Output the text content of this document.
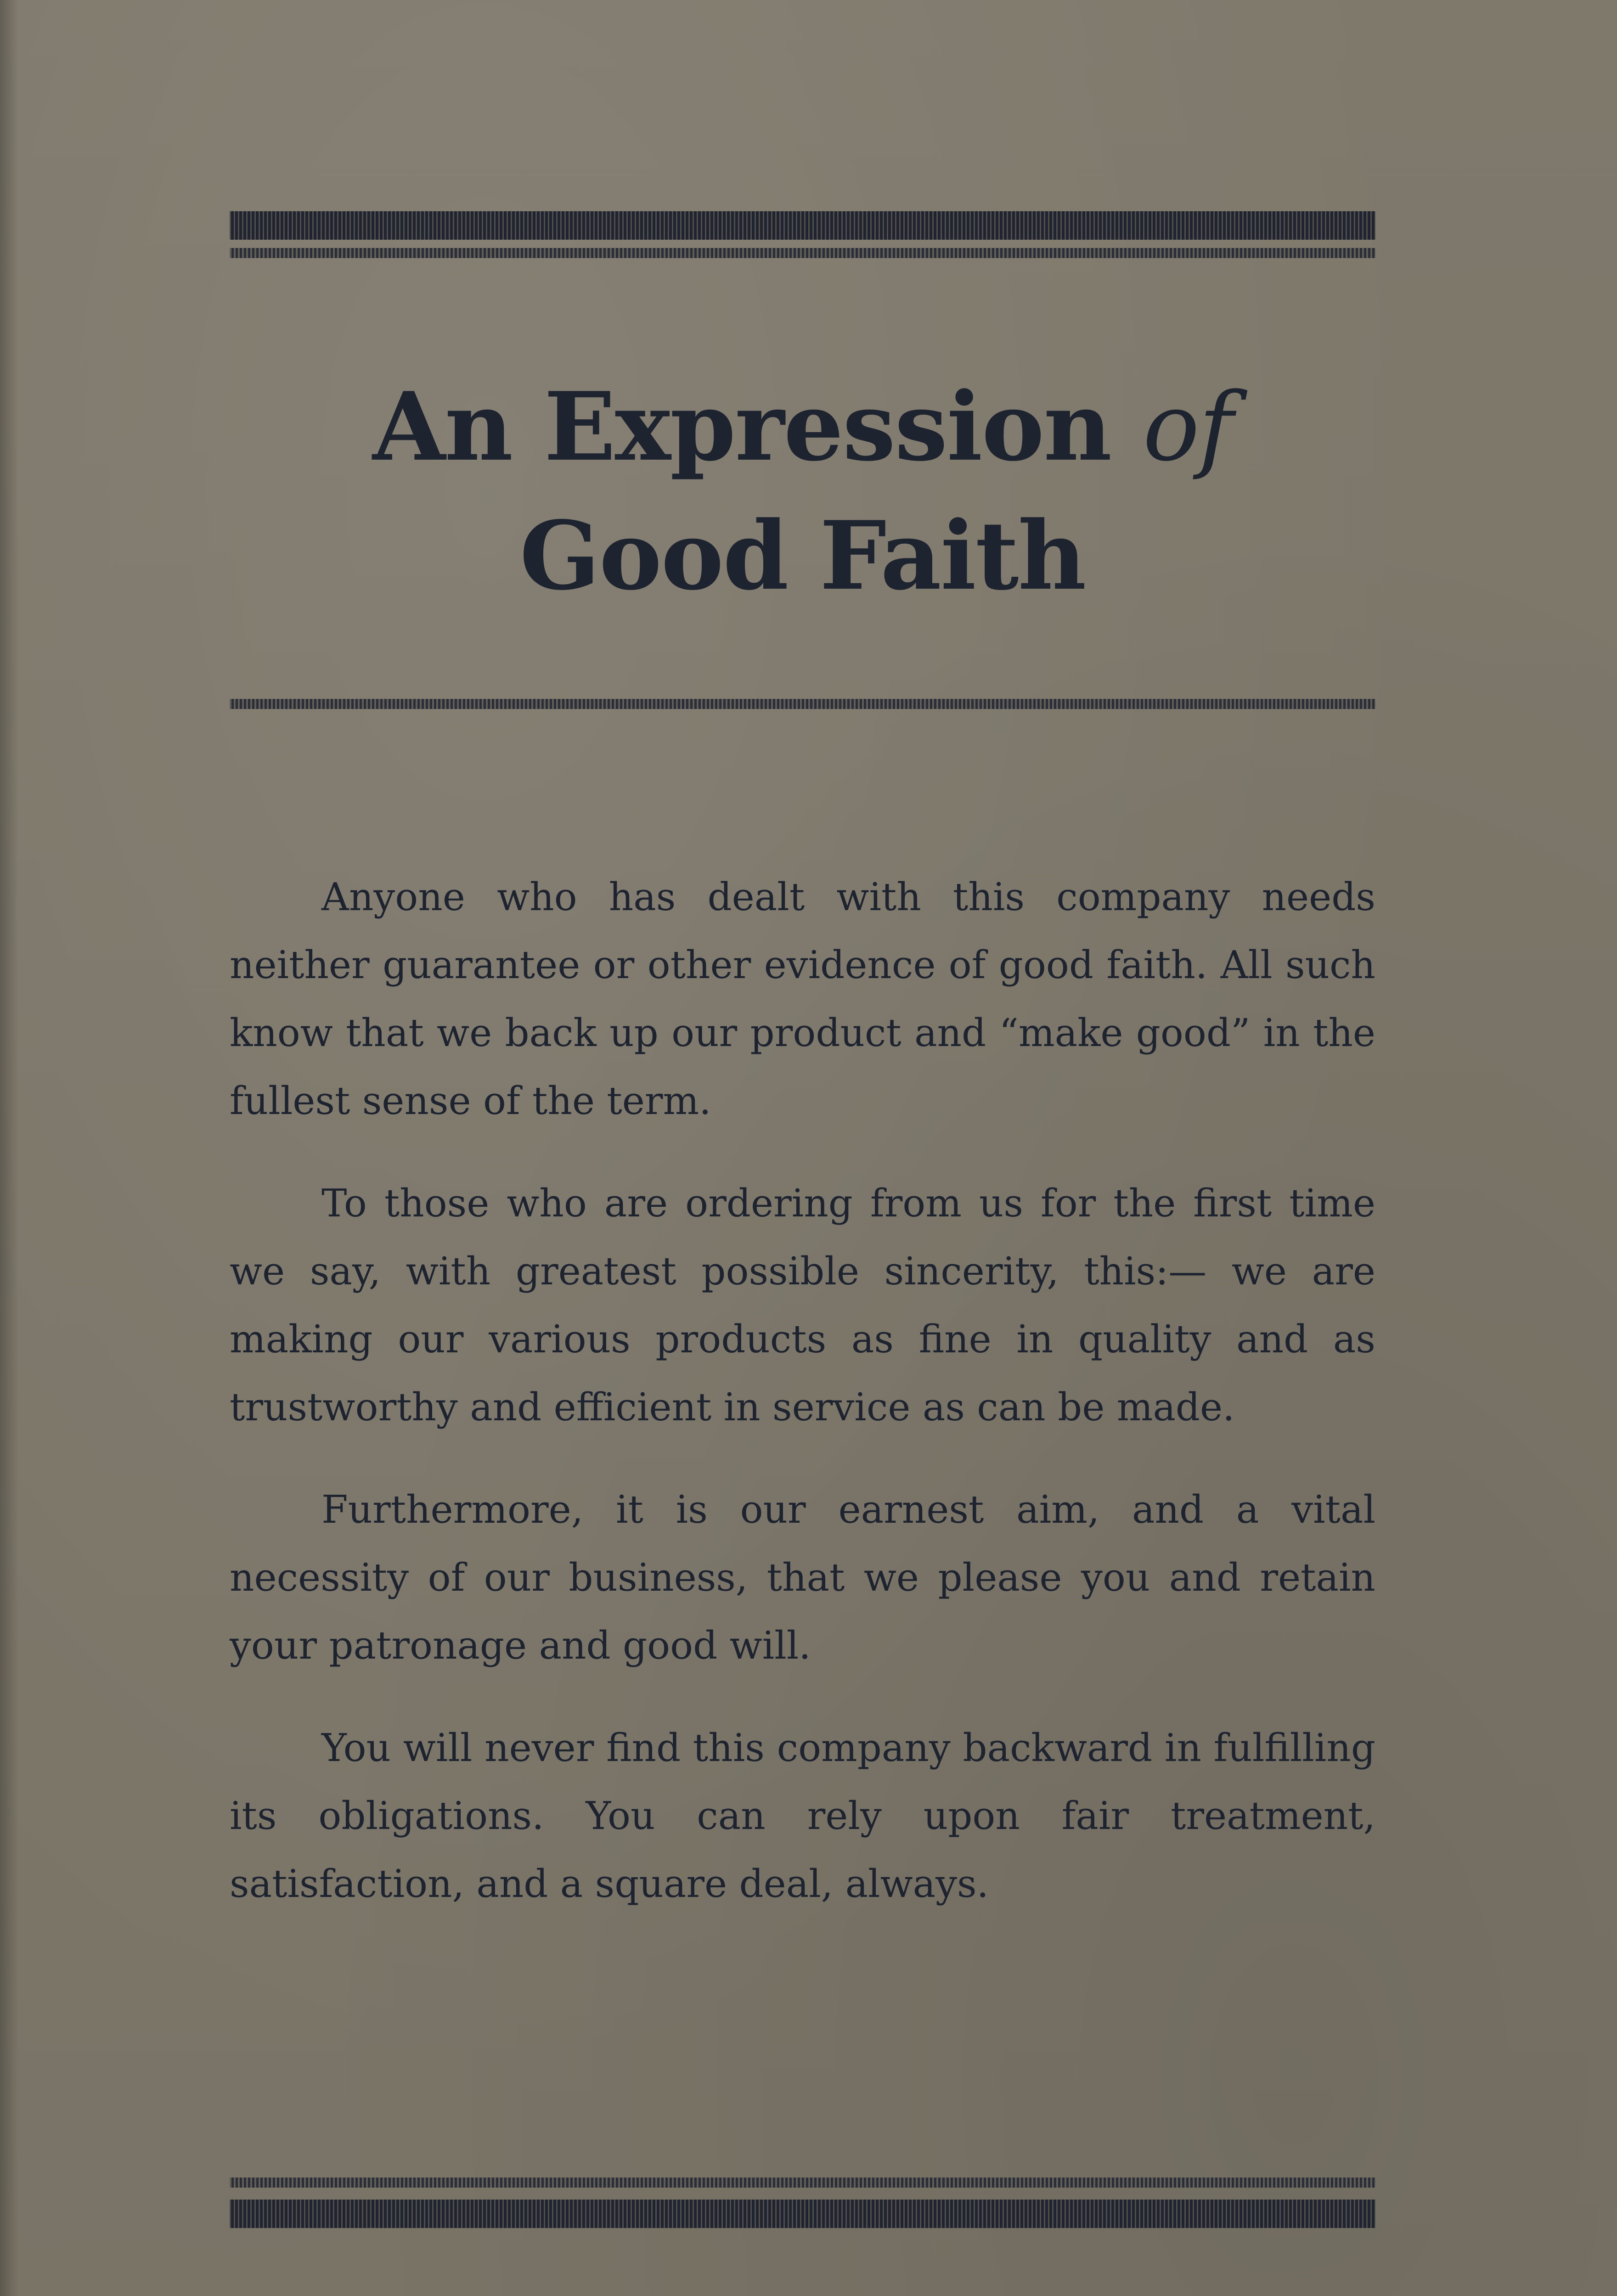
An Expression of
Good Faith

Anyone who has dealt with this company needs neither guarantee or other evidence of good faith. All such know that we back up our product and “make good” in the fullest sense of the term.

To those who are ordering from us for the first time we say, with greatest possible sincerity, this:— we are making our various products as fine in quality and as trustworthy and efficient in service as can be made.

Furthermore, it is our earnest aim, and a vital necessity of our business, that we please you and retain your patronage and good will.

You will never find this company backward in fulfilling its obligations. You can rely upon fair treatment, satisfaction, and a square deal, always.
